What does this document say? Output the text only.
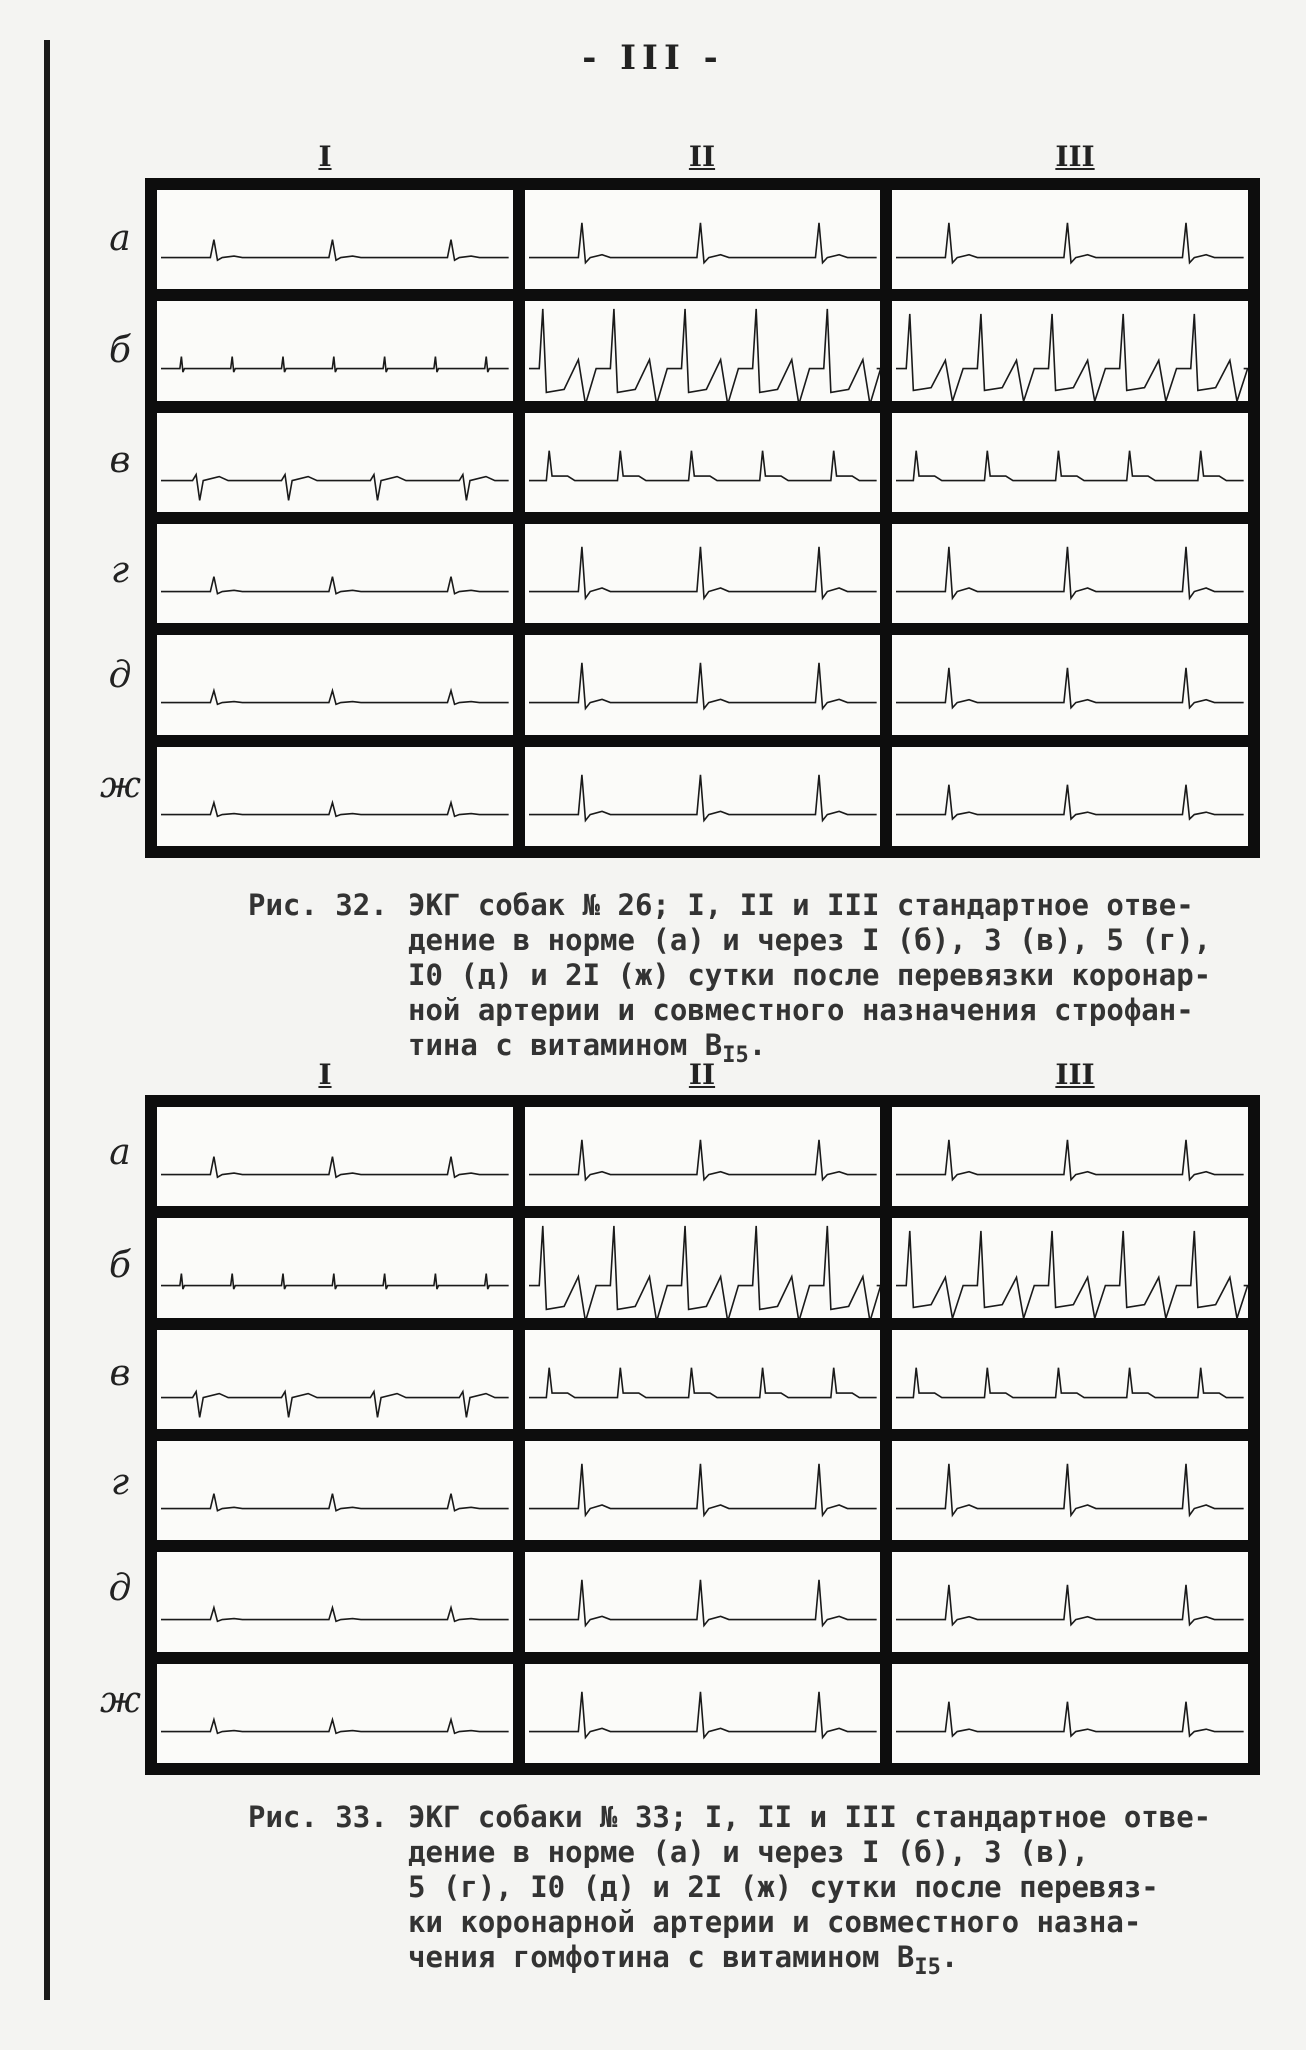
- III -
I	II	III
а
б
в
г
д
ж
Рис. 32. ЭКГ собак № 26; I, II и III стандартное отве-
дение в норме (а) и через I (б), 3 (в), 5 (г),
I0 (д) и 2I (ж) сутки после перевязки коронар-
ной артерии и совместного назначения строфан-
тина с витамином $В_{I5}$.
I	II	III
а
б
в
г
д
ж
Рис. 33. ЭКГ собаки № 33; I, II и III стандартное отве-
дение в норме (а) и через I (б), 3 (в),
5 (г), I0 (д) и 2I (ж) сутки после перевяз-
ки коронарной артерии и совместного назна-
чения гомфотина с витамином $В_{I5}$.
